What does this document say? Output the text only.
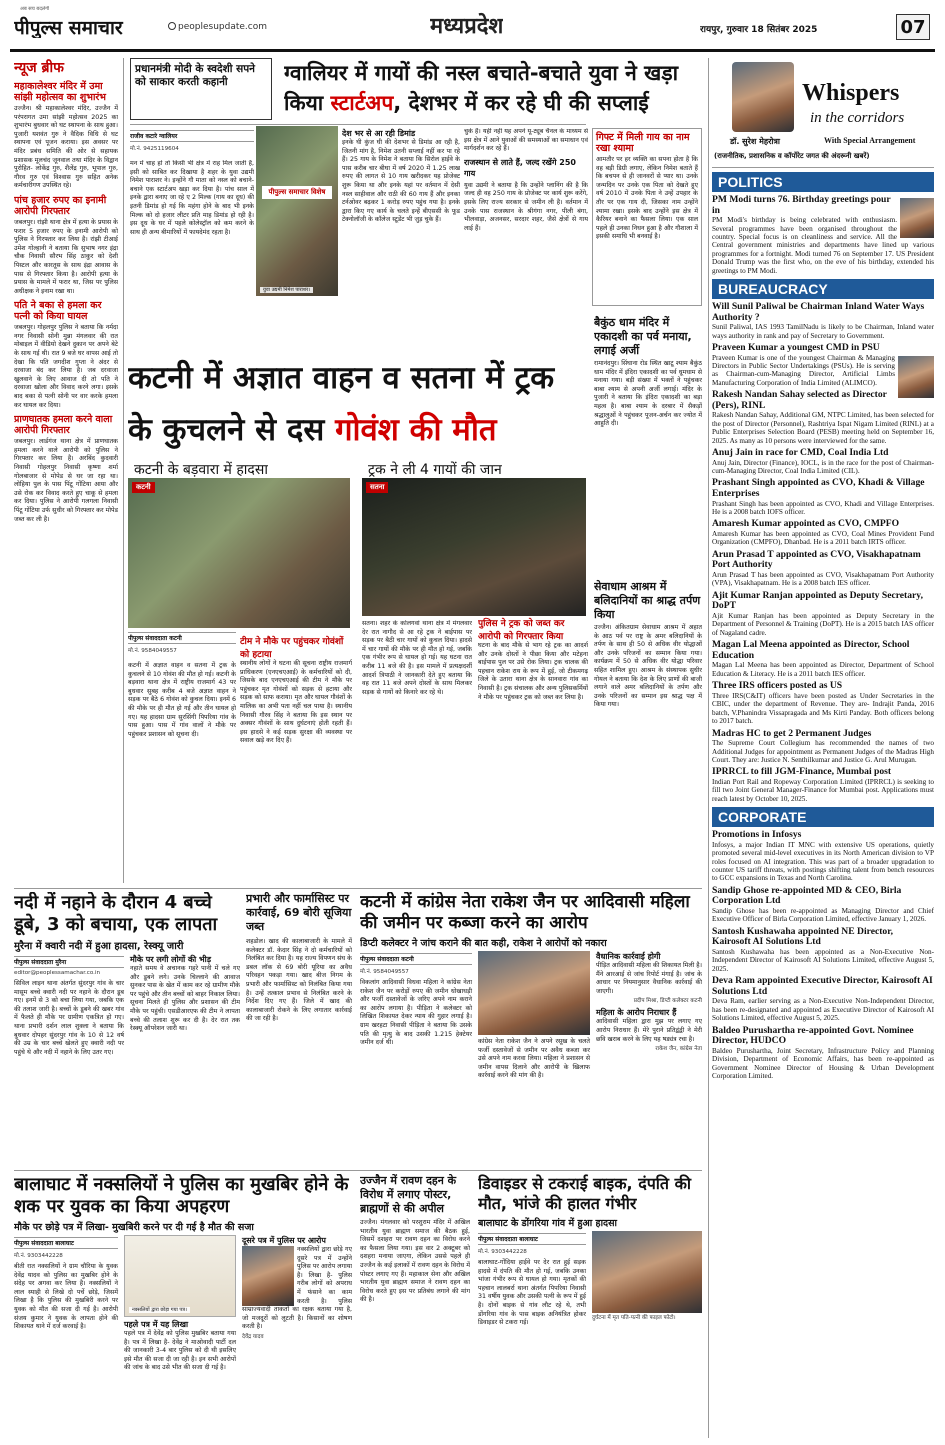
पीपुल्स समाचार
अब सच बदलेगी
peoplesupdate.com	मध्यप्रदेश	रायपुर, गुरुवार 18 सितंबर 2025	07
न्यूज ब्रीफ
महाकालेश्वर मंदिर में उमा सांझी महोत्सव का शुभारंभ
उज्जैन। श्री महाकालेश्वर मंदिर, उज्जैन में परंपरागत उमा सांझी महोत्सव 2025 का शुभारंभ बुधवार को घट स्थापना के साथ हुआ। पुजारी यशवंत गुरु ने वैदिक विधि से घट स्थापना एवं पूजन कराया। इस अवसर पर मंदिर प्रबंध समिति की ओर से सहायक प्रशासक मूलचंद जूनवाल तथा मंदिर के विद्वान पुरोहित- लोकेंद्र गुरु, शैलेंद्र गुरु, भूपाल गुरु, गौरव गुरु एवं विश्वास गुरु सहित अनेक कर्मचारीगण उपस्थित रहे।
पांच हजार रुपए का इनामी आरोपी गिरफ्तार
जबलपुर। रांझी थाना क्षेत्र में हत्या के प्रयास के फरार 5 हजार रुपए के इनामी आरोपी को पुलिस ने गिरफ्तार कर लिया है। रांझी टीआई उमेश गोल्हानी ने बताया कि सुभाष नगर इंद्रा चौक निवासी सौरभ सिंह ठाकुर को देशी पिस्टल और कारतूस के साथ इंद्रा आवास के पास से गिरफ्तार किया है। आरोपी हत्या के प्रयास के मामले में फरार था, जिस पर पुलिस अधीक्षक ने इनाम रखा था।
पति ने बका से हमला कर पत्नी को किया घायल
जबलपुर। गोहलपुर पुलिस ने बताया कि नर्मदा नगर निवासी सोनी मुन्ना मंगलवार की रात मोबाइल में वीडियो देखने दुकान पर अपने बेटे के साथ गई थी। रात 9 बजे घर वापस आई तो देखा कि पति जगदीश गुप्ता ने अंदर से दरवाजा बंद कर लिया है। जब दरवाजा खुलवाने के लिए आवाज दी तो पति ने दरवाजा खोला और विवाद करने लगा। इसके बाद बका से पत्नी सोनी पर वार करके हमला कर घायल कर दिया।
प्राणघातक हमला करने वाला आरोपी गिरफ्तार
जबलपुर। लार्डगंज थाना क्षेत्र में प्राणघातक हमला करने वाले आरोपी को पुलिस ने गिरफ्तार कर लिया है। अरबिंद कुदवारी निवासी गोहलपुर निवासी कृष्णा शर्मा गोलबाजार से मोपेड से घर जा रहा था। लोहिया पुल के पास पिंटू गोंटिया आया और उसे रोक कर विवाद करते हुए चाकू से हमला कर दिया। पुलिस ने आरोपी गलगला निवासी पिंटू गोंटिया उर्फ सुधीर को गिरफ्तार कर मोपेड जब्त कर ली है।
प्रधानमंत्री मोदी के स्वदेशी सपने को साकार करती कहानी	ग्वालियर में गायों की नस्ल बचाते-बचाते युवा ने खड़ा किया स्टार्टअप, देशभर में कर रहे घी की सप्लाई
राजीव कटारे ग्वालियर
मो.नं. 9425119604
पीपुल्स समाचार विशेष
युवा उद्यमी निमेश पाराशर।
मन में चाह हो तो किसी भी क्षेत्र में राह मिल जाती है, इसी को साबित कर दिखाया है शहर के युवा उद्यमी निमेश पाराशर ने। इन्होंने गौ माता को नस्ल को बचाने-बचाने एक स्टार्टअप खड़ा कर दिया है। पांच साल में इनके द्वारा बनाए जा रहे ए 2 मिल्क (गाय का दूध) की इतनी डिमांड हो गई कि महंगा होने के बाद भी इनके मिल्क को दो हजार लीटर प्रति माह डिमांड हो रही है। इस दूध के घर में पहले कोलेस्ट्रॉल को कम करने के साथ ही अन्य बीमारियों में फायदेमंद रहता है।
देश भर से आ रही डिमांड
इनके घी कुंज घी की देशभर से डिमांड आ रही है, जितनी मांग है, निमेश उतनी सप्लाई नहीं कर पा रहे हैं। 25 गाय के निमेश ने बताया कि सिरोल हाईवे के पास करीब चार बीघा में वर्ष 2020 में 1.25 लाख रुपए की लागत से 10 गाय खरीदकर यह प्रोजेक्ट शुरू किया था और इनके यहां पर वर्तमान में देसी नस्ल साहीवाल और राठी की 60 गाय हैं और इनका टर्नओवर बढ़कर 1 करोड़ रुपए पहुंच गया है। इनके द्वारा किए गए कार्य के चलते इन्हें बीएससी के फूड टेक्नोलॉजी के कॉलेज स्टूडेंट भी जुड़ चुके हैं।
चुके हैं। यही नहीं यह अपने यू-ट्यूब चैनल के माध्यम से इस क्षेत्र में आने युवाओं की समस्याओं का समाधान एवं मार्गदर्शन कर रहे हैं।
राजस्थान से लाते हैं, जल्द रखेंगे 250 गाय
युवा उद्यमी ने बताया है कि उन्होंने प्लानिंग की है कि जल्द ही वह 250 गाय के प्रोजेक्ट पर कार्य शुरू करेंगे, इसके लिए राज्य सरकार से जमीन ली है। वर्तमान में उनके पास राजस्थान के श्रीगंगा नगर, पीली बंगा, भीलवाड़ा, अजनसर, सरदार शहर, जैसे क्षेत्रों से गाय लाई हैं।
गिफ्ट में मिली गाय का नाम रखा श्यामा
आमतौर पर हर व्यक्ति का सपना होता है कि वह बड़ी डिग्री लगाए, लेकिन निमेश बताते हैं कि बचपन से ही जानवरों से प्यार था। उनके जन्मदिन पर उनके एक पिता को देखते हुए वर्ष 2010 में उनके पिता ने उन्हें उपहार के तौर पर एक गाय दी, जिसका नाम उन्होंने श्यामा रखा। इसके बाद उन्होंने इस क्षेत्र में कैरियर बनाने का फैसला लिया। एक साल पहले ही उनका निधन हुआ है और गौशाला में इसकी समाधि भी बनवाई है।
कटनी में अज्ञात वाहन व सतना में ट्रक के कुचलने से दस गोवंश की मौत
कटनी के बड़वारा में हादसा	ट्रक ने ली 4 गायों की जान
कटनी	सतना
पीपुल्स संवाददाता कटनी
मो.नं. 9584049557
कटनी में अज्ञात वाहन व सतना में ट्रक के कुचलने से 10 गोवंश की मौत हो गई। कटनी के बड़वारा थाना क्षेत्र में राष्ट्रीय राजमार्ग 43 पर बुधवार सुबह करीब 4 बजे अज्ञात वाहन ने सड़क पर बैठे 6 गोवंश को कुचल दिया। इनमें 6 की मौके पर ही मौत हो गई और तीन घायल हो गए। यह हादसा ग्राम सुरसिंगी पिपरिया गांव के पास हुआ। पास में गांव वालों ने मौके पर पहुंचकर प्रशासन को सूचना दी।
टीम ने मौके पर पहुंचकर गोवंशों को हटाया
स्थानीय लोगों ने घटना की सूचना राष्ट्रीय राजमार्ग प्राधिकरण (एनएचएआई) के कर्मचारियों को दी, जिसके बाद एनएचएआई की टीम ने मौके पर पहुंचकर मृत गोवंशों को सड़क से हटाया और सड़क को साफ कराया। मृत और घायल गौवंशों के मालिक का अभी पता नहीं चल पाया है। स्थानीय निवासी गौरव सिंह ने बताया कि इस स्थान पर अक्सर गौवंशों के साथ दुर्घटनाएं होती रहती हैं। इस हादसे ने कई सड़क सुरक्षा की व्यवस्था पर सवाल खड़े कर दिए हैं।
सतना। शहर के कोलगवां थाना क्षेत्र में मंगलवार देर रात नागौद से आ रहे ट्रक ने बाईपास पर सड़क पर बैठी चार गायों को कुचल दिया। हादसे में चार गायों की मौके पर ही मौत हो गई, जबकि एक गंभीर रूप से घायल हो गई। यह घटना रात करीब 11 बजे की है। इस मामले में प्रत्यक्षदर्शी आदर्श त्रिपाठी ने जानकारी देते हुए बताया कि वह रात 11 बजे अपने दोस्तों के साथ मिलकर सड़क से गायों को किनारे कर रहे थे।
पुलिस ने ट्रक को जब्त कर आरोपी को गिरफ्तार किया
घटना के बाद मौके से भाग रहे ट्रक का आदर्श और उनके दोस्तों ने पीछा किया और मटेहना बाईपास पुल पर उसे रोक लिया। ट्रक चालक की पहचान राकेश राय के रूप में हुई, जो टीकमगढ़ जिले के उतारा थाना क्षेत्र के सानवारा गांव का निवासी है। ट्रक संचालक और अन्य पुलिसकर्मियों ने मौके पर पहुंचकर ट्रक को जब्त कर लिया है।
बैकुंठ धाम मंदिर में एकादशी का पर्व मनाया, लगाई अर्जी
रामानंदपुर। सिंघाना रोड स्थित खाटू श्याम बैकुंठ धाम मंदिर में इंदिरा एकादशी का पर्व धूमधाम से मनाया गया। बड़ी संख्या में भक्तों ने पहुंचकर बाबा श्याम से अपनी अर्जी लगाई। मंदिर के पुजारी ने बताया कि इंदिरा एकादशी का बड़ा महत्व है। बाबा श्याम के दरबार में सैकड़ों श्रद्धालुओं ने पहुंचकर पूजन-अर्चन कर ज्योत में आहुति दी।
सेवाधाम आश्रम में बलिदानियों का श्राद्ध तर्पण किया
उज्जैन। अंकितग्राम सेवाधाम आश्रम में अहात के आठ पर्व पर राष्ट्र के अमर बलिदानियों के तर्पण के साथ ही 50 से अधिक वीर योद्धाओं और उनके परिजनों का सम्मान किया गया। कार्यक्रम में 50 से अधिक वीर योद्धा परिवार सहित शामिल हुए। आश्रम के संस्थापक सुधीर गोयल ने बताया कि देश के लिए प्राणों की बाजी लगाने वाले अमर बलिदानियों के तर्पण और उनके परिजनों का सम्मान इस श्राद्ध पक्ष में किया गया।
नदी में नहाने के दौरान 4 बच्चे डूबे, 3 को बचाया, एक लापता
मुरैना में क्वारी नदी में हुआ हादसा, रेस्क्यू जारी
पीपुल्स संवाददाता मुरैना
editor@peoplessamachar.co.in
सिविल लाइन थाना अंतर्गत सुंदरपुर गांव के चार मासूम बच्चे क्वारी नदी पर नहाने के दौरान डूब गए। इनमें से 3 को बचा लिया गया, जबकि एक की तलाश जारी है। बच्चों के डूबने की खबर गांव में फैलते ही मौके पर ग्रामीण एकत्रित हो गए। थाना प्रभारी दर्शन लाल शुक्ला ने बताया कि बुधवार दोपहर सुंदरपुर गांव के 10 से 12 वर्ष की उम्र के चार बच्चे खेलते हुए क्वारी नदी पर पहुंचे थे और नदी में नहाने के लिए उतर गए।
मौके पर लगी लोगों की भीड़
नहाते समय वे अचानक गहरे पानी में चले गए और डूबने लगे। उनके चिल्लाने की आवाज सुनकर पास के खेत में काम कर रहे ग्रामीण मौके पर पहुंचे और तीन बच्चों को बाहर निकाल लिया। सूचना मिलते ही पुलिस और प्रशासन की टीम मौके पर पहुंची। एसडीआरएफ की टीम ने लापता बच्चे की तलाश शुरू कर दी है। देर रात तक रेस्क्यू ऑपरेशन जारी था।
प्रभारी और फार्मासिस्ट पर कार्रवाई, 69 बोरी सूजिया जब्त
शहडोल। खाद की कालाबाजारी के मामले में कलेक्टर डॉ. केदार सिंह ने दो कर्मचारियों को निलंबित कर दिया है। यह राज्य विपणन संघ के डबल लॉक से 69 बोरी यूरिया का अवैध परिवहन पकड़ा गया। खाद बीज निगम के प्रभारी और फार्मासिस्ट को निलंबित किया गया है। उन्हें तत्काल प्रभाव से निलंबित करने के निर्देश दिए गए हैं। जिले में खाद की कालाबाजारी रोकने के लिए लगातार कार्रवाई की जा रही है।
कटनी में कांग्रेस नेता राकेश जैन पर आदिवासी महिला की जमीन पर कब्जा करने का आरोप
डिप्टी कलेक्टर ने जांच कराने की बात कही, राकेश ने आरोपों को नकारा
पीपुल्स संवाददाता कटनी
मो.नं. 9584049557
विकलांग आदिवासी विधवा महिला ने कांग्रेस नेता राकेश जैन पर करोड़ों रुपए की जमीन धोखाधड़ी और फर्जी दस्तावेजों के जरिए अपने नाम कराने का आरोप लगाया है। पीड़िता ने कलेक्टर को लिखित शिकायत देकर न्याय की गुहार लगाई है। ग्राम खरहटा निवासी पीड़िता ने बताया कि उसके पति की मृत्यु के बाद उसकी 1.215 हेक्टेयर जमीन दर्ज थी।	कांग्रेस नेता राकेश जैन ने अपने रसूख के चलते फर्जी दस्तावेजों से जमीन पर अवैध कब्जा कर उसे अपने नाम करवा लिया। महिला ने प्रशासन से जमीन वापस दिलाने और आरोपी के खिलाफ कार्रवाई करने की मांग की है।
वैधानिक कार्रवाई होगी
पीड़ित आदिवासी महिला की शिकायत मिली है। मैंने आरआई से जांच रिपोर्ट मंगाई है। जांच के आधार पर नियमानुसार वैधानिक कार्रवाई की जाएगी।
प्रदीप मिश्रा, डिप्टी कलेक्टर कटनी
महिला के आरोप निराधार हैं
आदिवासी महिला द्वारा मुझ पर लगाए गए आरोप निराधार हैं। मेरे पुराने प्रतिद्वंद्वी ने मेरी छवि खराब करने के लिए यह षड्यंत्र रचा है।
राकेश जैन, कांग्रेस नेता
बालाघाट में नक्सलियों ने पुलिस का मुखबिर होने के शक पर युवक का किया अपहरण
मौके पर छोड़े पत्र में लिखा- मुखबिरी करने पर दी गई है मौत की सजा
पीपुल्स संवाददाता बालाघाट
मो.नं. 9303442228
बीती रात नक्सलियों ने ग्राम चौरिया के युवक देवेंद्र यादव को पुलिस का मुखबिर होने के संदेह पर अगवा कर लिया है। नक्सलियों ने लाल स्याही से लिखे दो पर्चे छोड़े, जिसमें लिखा है कि पुलिस की मुखबिरी करने पर युवक को मौत की सजा दी गई है। आरोपी संजय कुमार ने युवक के लापता होने की शिकायत थाने में दर्ज करवाई है।
नक्सलियों द्वारा छोड़ा गया पत्र।
पहले पत्र में यह लिखा
पहले पत्र में देवेंद्र को पुलिस मुखबिर बताया गया है। पत्र में लिखा है- देवेंद्र ने माओवादी पार्टी दल की जानकारी 3-4 बार पुलिस को दी थी इसलिए इसे मौत की सजा दी जा रही है। इन सभी आरोपों की जांच के बाद उसे भीत की सजा दी गई है।
दूसरे पत्र में पुलिस पर आरोप
नक्सलियों द्वारा छोड़े गए दूसरे पत्र में उन्होंने पुलिस पर आरोप लगाया है। लिखा है- पुलिस गरीब लोगों को अपराध में फंसाने का काम करती है। पुलिस साम्राज्यवादी ताकतों का रक्षक बताया गया है, जो मजदूरों को लूटती है। किसानों का शोषण करती है।
देवेंद्र यादव
उज्जैन में रावण दहन के विरोध में लगाए पोस्टर, ब्राह्मणों से की अपील
उज्जैन। मंगलवार को परशुराम मंदिर में अखिल भारतीय युवा ब्राह्मण समाज की बैठक हुई, जिसमें दशहरा पर रावण दहन का विरोध करने का फैसला लिया गया। इस वार 2 अक्टूबर को दशहरा मनाया जाएगा, लेकिन उससे पहले ही उज्जैन के कई इलाकों में रावण दहन के विरोध में पोस्टर लगाए गए हैं। महाकाल सेना और अखिल भारतीय युवा ब्राह्मण समाज ने रावण दहन का विरोध करते हुए इस पर प्रतिबंध लगाने की मांग की है।
डिवाइडर से टकराई बाइक, दंपति की मौत, भांजे की हालत गंभीर
बालाघाट के डोंगरिया गांव में हुआ हादसा
पीपुल्स संवाददाता बालाघाट
मो.नं. 9303442228
बालाघाट-गोंदिया हाईवे पर देर रात हुई सड़क हादसे में दंपति की मौत हो गई, जबकि उनका भांजा गंभीर रूप से घायल हो गया। मृतकों की पहचान लालबर्रा थाना अंतर्गत पिपरिया निवासी 31 वर्षीय युवक और उसकी पत्नी के रूप में हुई है। दोनों बाइक से गांव लौट रहे थे, तभी डोंगरिया गांव के पास बाइक अनियंत्रित होकर डिवाइडर से टकरा गई।
दुर्घटना में मृत पति-पत्नी की फाइल फोटो।
Whispers
in the corridors
डॉ. सुरेश मेहरोत्रा	With Special Arrangement
(राजनीतिक, प्रशासनिक व कॉर्पोरेट जगत की अंदरूनी खबरें)
POLITICS
PM Modi turns 76. Birthday greetings pour in
PM Modi's birthday is being celebrated with enthusiasm. Several programmes have been organised throughout the country. Special focus is on cleanliness and service. All the Central government ministries and departments have lined up various programmes for a fortnight. Modi turned 76 on September 17. US President Donald Trump was the first who, on the eve of his birthday, extended his greetings to PM Modi.
BUREAUCRACY
Will Sunil Paliwal be Chairman Inland Water Ways Authority ?
Sunil Paliwal, IAS 1993 TamilNadu is likely to be Chairman, Inland water ways authority in rank and pay of Secretary to Government.
Praveen Kumar a youngest CMD in PSU
Praveen Kumar is one of the youngest Chairman & Managing Directors in Public Sector Undertakings (PSUs). He is serving as Chairman-cum-Managing Director, Artificial Limbs Manufacturing Corporation of India Limited (ALIMCO).
Rakesh Nandan Sahay selected as Director (Pers), RINL
Rakesh Nandan Sahay, Additional GM, NTPC Limited, has been selected for the post of Director (Personnel), Rashtriya Ispat Nigam Limited (RINL) at a Public Enterprises Selection Board (PESB) meeting held on September 16, 2025. As many as 10 persons were interviewed for the same.
Anuj Jain in race for CMD, Coal India Ltd
Anuj Jain, Director (Finance), IOCL, is in the race for the post of Chairman-cum-Managing Director, Coal India Limited (CIL).
Prashant Singh appointed as CVO, Khadi & Village Enterprises
Prashant Singh has been appointed as CVO, Khadi and Village Enterprises. He is a 2008 batch IOFS officer.
Amaresh Kumar appointed as CVO, CMPFO
Amaresh Kumar has been appointed as CVO, Coal Mines Provident Fund Organization (CMPFO), Dhanbad. He is a 2011 batch IRTS officer.
Arun Prasad T appointed as CVO, Visakhapatnam Port Authority
Arun Prasad T has been appointed as CVO, Visakhapatnam Port Authority (VPA), Visakhapatnam. He is a 2008 batch IES officer.
Ajit Kumar Ranjan appointed as Deputy Secretary, DoPT
Ajit Kumar Ranjan has been appointed as Deputy Secretary in the Department of Personnel & Training (DoPT). He is a 2015 batch IAS officer of Nagaland cadre.
Magan Lal Meena appointed as Director, School Education
Magan Lal Meena has been appointed as Director, Department of School Education & Literacy. He is a 2011 batch IES officer.
Three IRS officers posted as US
Three IRS(C&IT) officers have been posted as Under Secretaries in the CBIC, under the department of Revenue. They are- Indrajit Panda, 2016 batch, V.Phanindra Vissapragada and Ms Kirti Panday. Both officers belong to 2017 batch.
Madras HC to get 2 Permanent Judges
The Supreme Court Collegium has recommended the names of two Additional Judges for appointment as Permanent Judges of the Madras High Court. They are: Justice N. Senthilkumar and Justice G. Arul Murugan.
IPRRCL to fill JGM-Finance, Mumbai post
Indian Port Rail and Ropeway Corporation Limited (IPRRCL) is seeking to fill two Joint General Manager-Finance for Mumbai post. Applications must reach latest by October 10, 2025.
CORPORATE
Promotions in Infosys
Infosys, a major Indian IT MNC with extensive US operations, quietly promoted several mid-level executives in its North American division to VP roles focused on AI integration. This was part of a broader upgradation to counter US tariff threats, with postings shifting talent from bench resources to GCC expansions in Texas and North Carolina.
Sandip Ghose re-appointed MD & CEO, Birla Corporation Ltd
Sandip Ghose has been re-appointed as Managing Director and Chief Executive Officer of Birla Corporation Limited, effective January 1, 2026.
Santosh Kushawaha appointed NE Director, Kairosoft AI Solutions Ltd
Santosh Kushawaha has been appointed as a Non-Executive Non-Independent Director of Kairosoft AI Solutions Limited, effective August 5, 2025.
Deva Ram appointed Executive Director, Kairosoft AI Solutions Ltd
Deva Ram, earlier serving as a Non-Executive Non-Independent Director, has been re-designated and appointed as Executive Director of Kairosoft AI Solutions Limited, effective August 5, 2025.
Baldeo Purushartha re-appointed Govt. Nominee Director, HUDCO
Baldeo Purushartha, Joint Secretary, Infrastructure Policy and Planning Division, Department of Economic Affairs, has been re-appointed as Government Nominee Director of Housing & Urban Development Corporation Limited.
